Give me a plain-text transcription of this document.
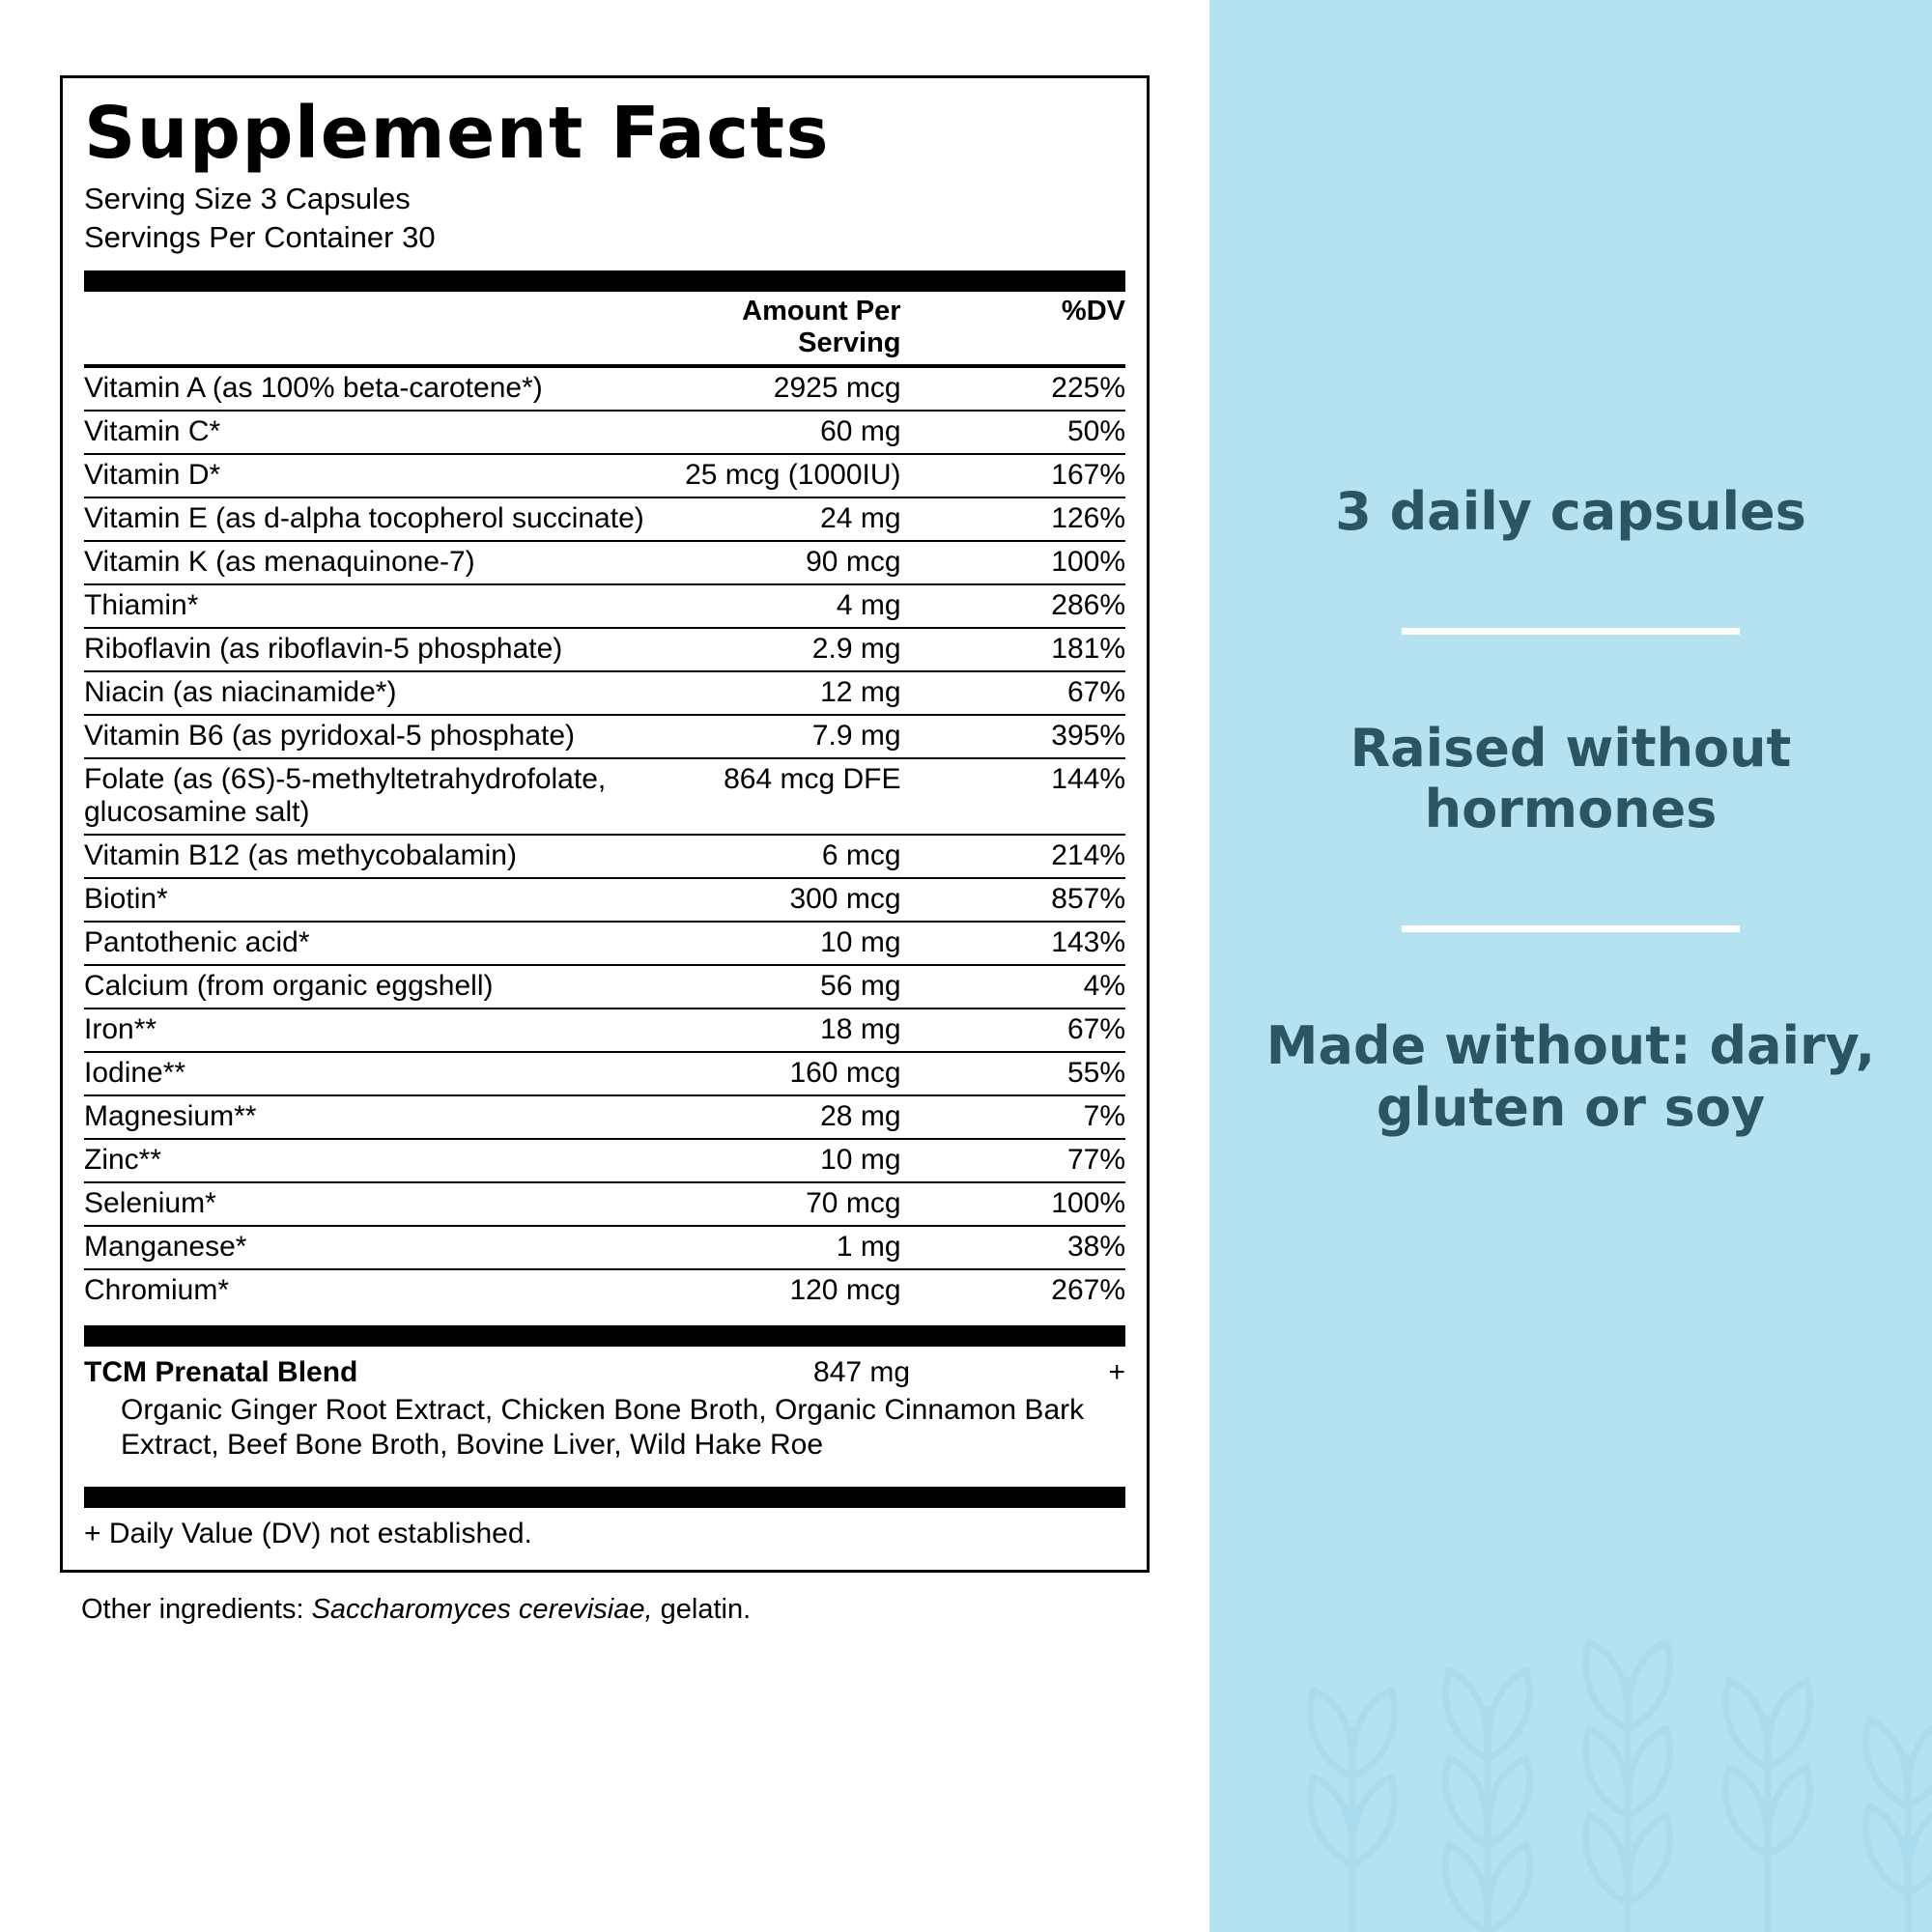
Supplement Facts
Serving Size 3 Capsules
Servings Per Container 30
	Amount Per Serving	%DV
Vitamin A (as 100% beta-carotene*)	2925 mcg	225%
Vitamin C*	60 mg	50%
Vitamin D*	25 mcg (1000IU)	167%
Vitamin E (as d-alpha tocopherol succinate)	24 mg	126%
Vitamin K (as menaquinone-7)	90 mcg	100%
Thiamin*	4 mg	286%
Riboflavin (as riboflavin-5 phosphate)	2.9 mg	181%
Niacin (as niacinamide*)	12 mg	67%
Vitamin B6 (as pyridoxal-5 phosphate)	7.9 mg	395%
Folate (as (6S)-5-methyltetrahydrofolate, glucosamine salt)	864 mcg DFE	144%
Vitamin B12 (as methycobalamin)	6 mcg	214%
Biotin*	300 mcg	857%
Pantothenic acid*	10 mg	143%
Calcium (from organic eggshell)	56 mg	4%
Iron**	18 mg	67%
Iodine**	160 mcg	55%
Magnesium**	28 mg	7%
Zinc**	10 mg	77%
Selenium*	70 mcg	100%
Manganese*	1 mg	38%
Chromium*	120 mcg	267%
TCM Prenatal Blend	847 mg	+
Organic Ginger Root Extract, Chicken Bone Broth, Organic Cinnamon Bark Extract, Beef Bone Broth, Bovine Liver, Wild Hake Roe
+ Daily Value (DV) not established.
Other ingredients: Saccharomyces cerevisiae, gelatin.
3 daily capsules
Raised without hormones
Made without: dairy, gluten or soy
